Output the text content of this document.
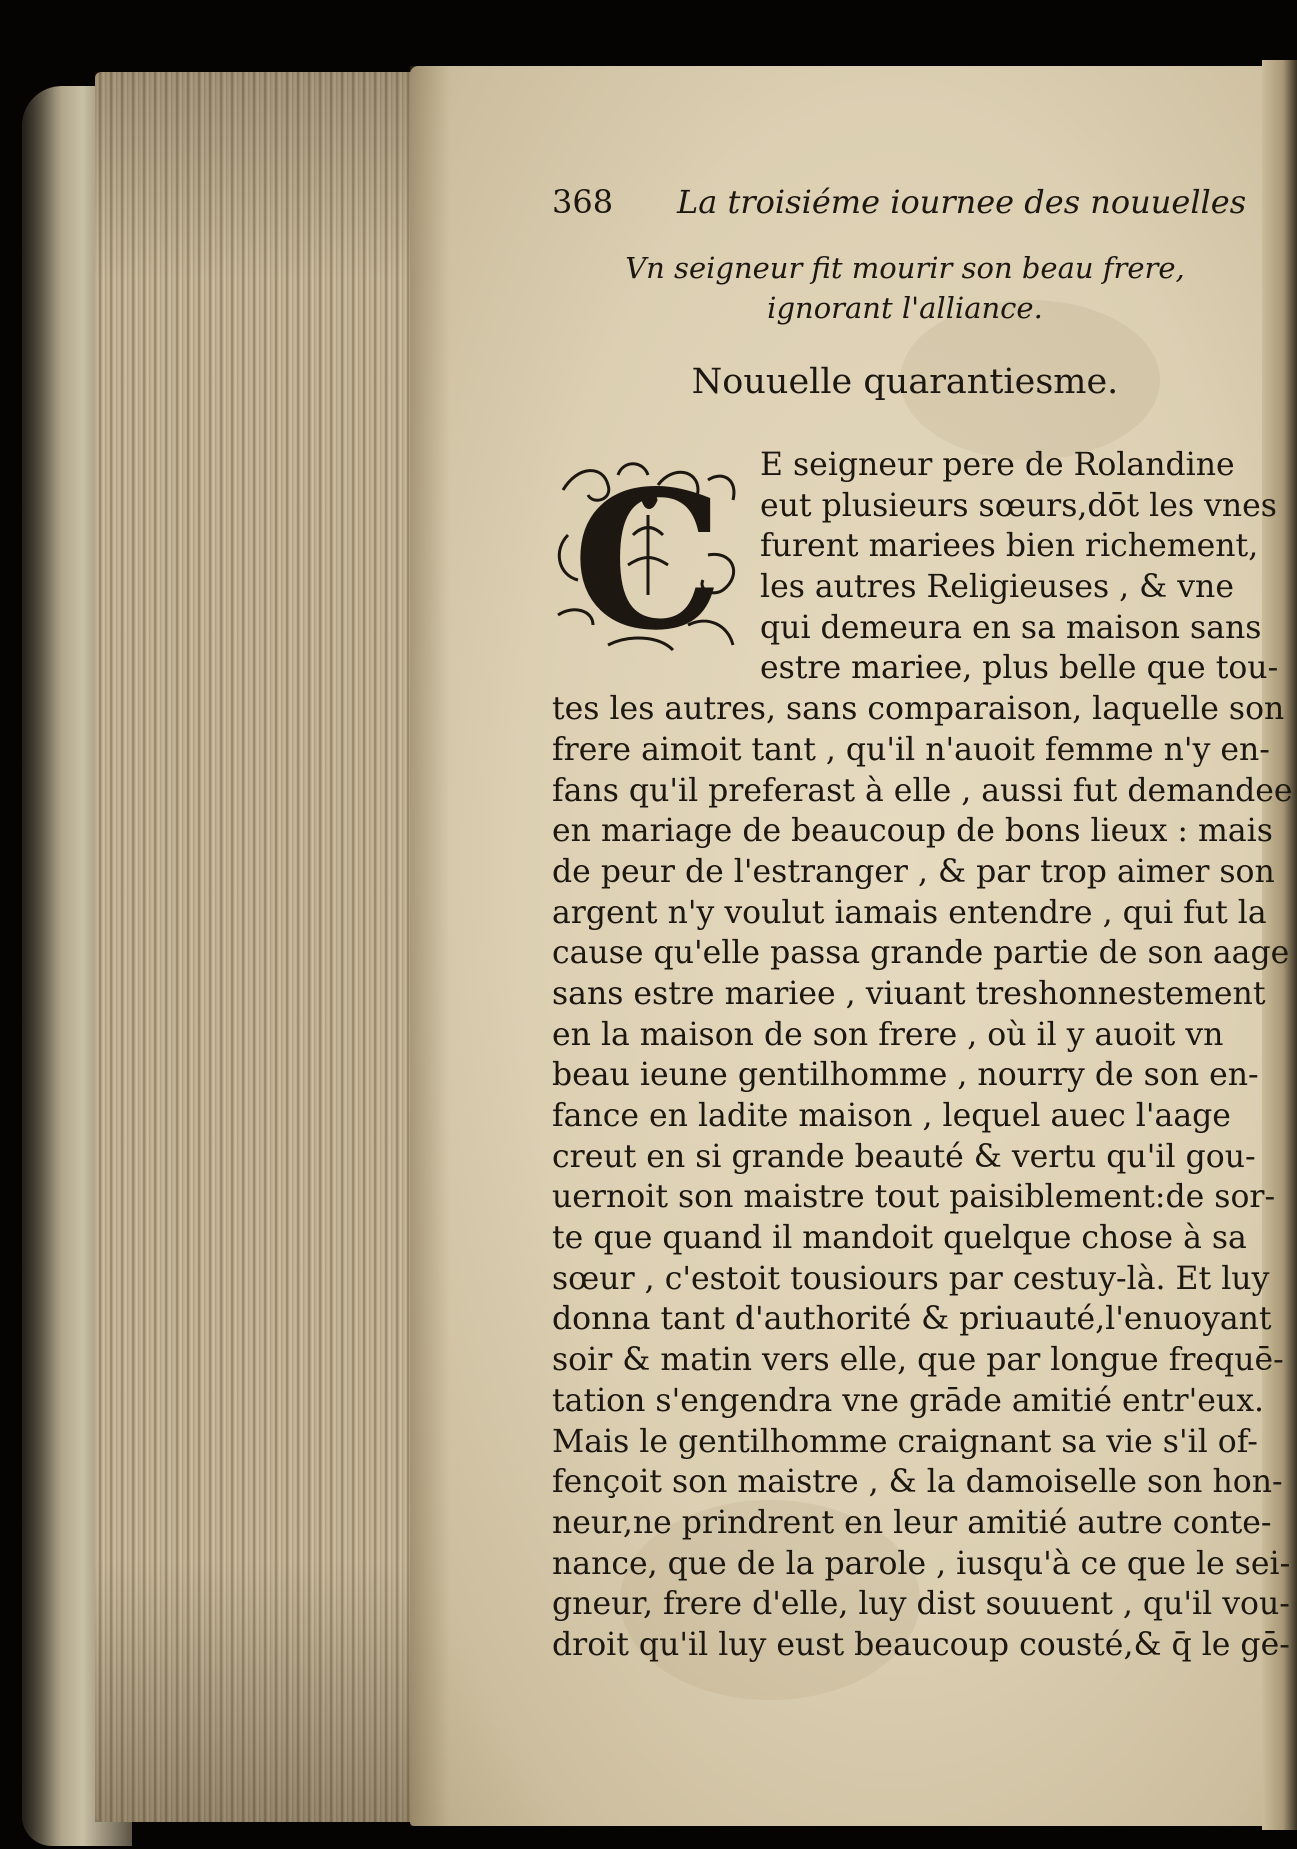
368 La troisiéme iournee des nouuelles
Vn seigneur fit mourir son beau frere,
ignorant l'alliance.
Nouuelle quarantiesme.
C E seigneur pere de Rolandine
eut plusieurs sœurs,dōt les vnes
furent mariees bien richement,
les autres Religieuses , & vne
qui demeura en sa maison sans
estre mariee, plus belle que tou-
tes les autres, sans comparaison, laquelle son
frere aimoit tant , qu'il n'auoit femme n'y en-
fans qu'il preferast à elle , aussi fut demandee
en mariage de beaucoup de bons lieux : mais
de peur de l'estranger , & par trop aimer son
argent n'y voulut iamais entendre , qui fut la
cause qu'elle passa grande partie de son aage
sans estre mariee , viuant treshonnestement
en la maison de son frere , où il y auoit vn
beau ieune gentilhomme , nourry de son en-
fance en ladite maison , lequel auec l'aage
creut en si grande beauté & vertu qu'il gou-
uernoit son maistre tout paisiblement:de sor-
te que quand il mandoit quelque chose à sa
sœur , c'estoit tousiours par cestuy-là. Et luy
donna tant d'authorité & priuauté,l'enuoyant
soir & matin vers elle, que par longue frequē-
tation s'engendra vne grāde amitié entr'eux.
Mais le gentilhomme craignant sa vie s'il of-
fençoit son maistre , & la damoiselle son hon-
neur,ne prindrent en leur amitié autre conte-
nance, que de la parole , iusqu'à ce que le sei-
gneur, frere d'elle, luy dist souuent , qu'il vou-
droit qu'il luy eust beaucoup cousté,& q̄ le gē-
